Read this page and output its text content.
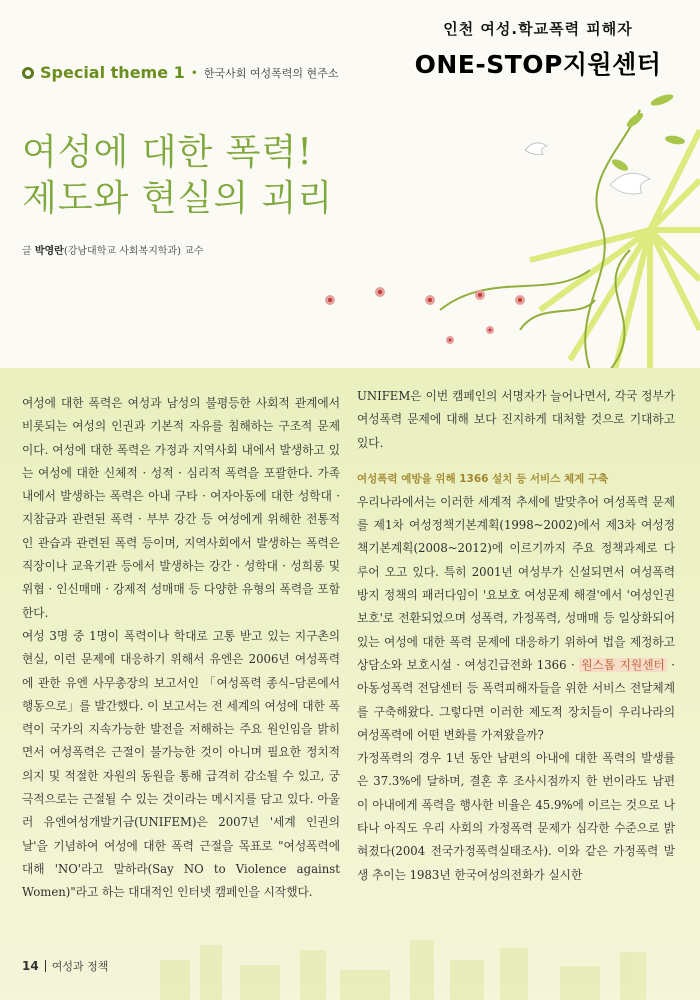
인천 여성.학교폭력 피해자
ONE-STOP지원센터
Special theme 1 • 한국사회 여성폭력의 현주소
여성에 대한 폭력!
제도와 현실의 괴리
글 박영란(강남대학교 사회복지학과) 교수

여성에 대한 폭력은 여성과 남성의 불평등한 사회적 관계에서 비롯되는 여성의 인권과 기본적 자유를 침해하는 구조적 문제이다. 여성에 대한 폭력은 가정과 지역사회 내에서 발생하고 있는 여성에 대한 신체적 · 성적 · 심리적 폭력을 포괄한다. 가족 내에서 발생하는 폭력은 아내 구타 · 여자아동에 대한 성학대 · 지참금과 관련된 폭력 · 부부 강간 등 여성에게 위해한 전통적인 관습과 관련된 폭력 등이며, 지역사회에서 발생하는 폭력은 직장이나 교육기관 등에서 발생하는 강간 · 성학대 · 성희롱 및 위협 · 인신매매 · 강제적 성매매 등 다양한 유형의 폭력을 포함한다.

여성 3명 중 1명이 폭력이나 학대로 고통 받고 있는 지구촌의 현실, 이런 문제에 대응하기 위해서 유엔은 2006년 여성폭력에 관한 유엔 사무총장의 보고서인 「여성폭력 종식–담론에서 행동으로」를 발간했다. 이 보고서는 전 세계의 여성에 대한 폭력이 국가의 지속가능한 발전을 저해하는 주요 원인임을 밝히면서 여성폭력은 근절이 불가능한 것이 아니며 필요한 정치적 의지 및 적절한 자원의 동원을 통해 급격히 감소될 수 있고, 궁극적으로는 근절될 수 있는 것이라는 메시지를 담고 있다. 아울러 유엔여성개발기금(UNIFEM)은 2007년 '세계 인권의 날'을 기념하여 여성에 대한 폭력 근절을 목표로 "여성폭력에 대해 'NO'라고 말하라(Say NO to Violence against Women)"라고 하는 대대적인 인터넷 캠페인을 시작했다.

UNIFEM은 이번 캠페인의 서명자가 늘어나면서, 각국 정부가 여성폭력 문제에 대해 보다 진지하게 대처할 것으로 기대하고 있다.

여성폭력 예방을 위해 1366 설치 등 서비스 체계 구축

우리나라에서는 이러한 세계적 추세에 발맞추어 여성폭력 문제를 제1차 여성정책기본계획(1998~2002)에서 제3차 여성정책기본계획(2008~2012)에 이르기까지 주요 정책과제로 다루어 오고 있다. 특히 2001년 여성부가 신설되면서 여성폭력 방지 정책의 패러다임이 '요보호 여성문제 해결'에서 '여성인권 보호'로 전환되었으며 성폭력, 가정폭력, 성매매 등 일상화되어 있는 여성에 대한 폭력 문제에 대응하기 위하여 법을 제정하고 상담소와 보호시설 · 여성긴급전화 1366 · 원스톱 지원센터 · 아동성폭력 전담센터 등 폭력피해자들을 위한 서비스 전달체계를 구축해왔다. 그렇다면 이러한 제도적 장치들이 우리나라의 여성폭력에 어떤 변화를 가져왔을까?

가정폭력의 경우 1년 동안 남편의 아내에 대한 폭력의 발생률은 37.3%에 달하며, 결혼 후 조사시점까지 한 번이라도 남편이 아내에게 폭력을 행사한 비율은 45.9%에 이르는 것으로 나타나 아직도 우리 사회의 가정폭력 문제가 심각한 수준으로 밝혀졌다(2004 전국가정폭력실태조사). 이와 같은 가정폭력 발생 추이는 1983년 한국여성의전화가 실시한

14 여성과 정책
